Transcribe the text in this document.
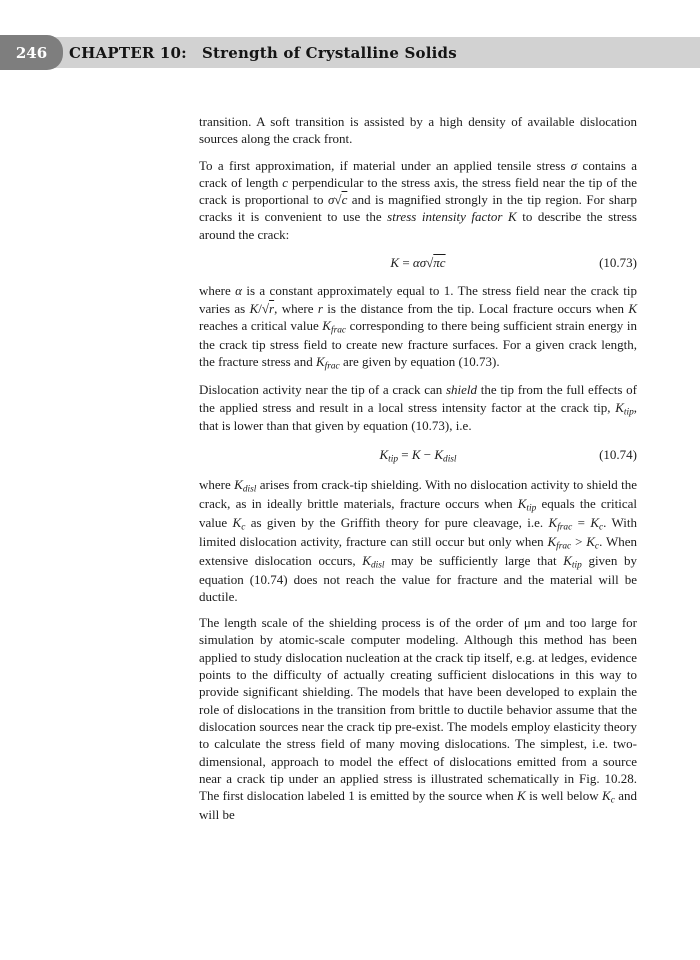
246 CHAPTER 10: Strength of Crystalline Solids

transition. A soft transition is assisted by a high density of available dislocation sources along the crack front.

To a first approximation, if material under an applied tensile stress σ contains a crack of length c perpendicular to the stress axis, the stress field near the tip of the crack is proportional to σ√c and is magnified strongly in the tip region. For sharp cracks it is convenient to use the stress intensity factor K to describe the stress around the crack:

K = ασ√πc	(10.73)

where α is a constant approximately equal to 1. The stress field near the crack tip varies as K/√r, where r is the distance from the tip. Local fracture occurs when K reaches a critical value $K_{frac}$ corresponding to there being sufficient strain energy in the crack tip stress field to create new fracture surfaces. For a given crack length, the fracture stress and $K_{frac}$ are given by equation (10.73).

Dislocation activity near the tip of a crack can shield the tip from the full effects of the applied stress and result in a local stress intensity factor at the crack tip, $K_{tip}$, that is lower than that given by equation (10.73), i.e.

$K_{tip} = K - K_{disl}$	(10.74)

where $K_{disl}$ arises from crack-tip shielding. With no dislocation activity to shield the crack, as in ideally brittle materials, fracture occurs when $K_{tip}$ equals the critical value $K_c$ as given by the Griffith theory for pure cleavage, i.e. $K_{frac} = K_c$. With limited dislocation activity, fracture can still occur but only when $K_{frac} > K_c$. When extensive dislocation occurs, $K_{disl}$ may be sufficiently large that $K_{tip}$ given by equation (10.74) does not reach the value for fracture and the material will be ductile.

The length scale of the shielding process is of the order of μm and too large for simulation by atomic-scale computer modeling. Although this method has been applied to study dislocation nucleation at the crack tip itself, e.g. at ledges, evidence points to the difficulty of actually creating sufficient dislocations in this way to provide significant shielding. The models that have been developed to explain the role of dislocations in the transition from brittle to ductile behavior assume that the dislocation sources near the crack tip pre-exist. The models employ elasticity theory to calculate the stress field of many moving dislocations. The simplest, i.e. two-dimensional, approach to model the effect of dislocations emitted from a source near a crack tip under an applied stress is illustrated schematically in Fig. 10.28. The first dislocation labeled 1 is emitted by the source when K is well below $K_c$ and will be
